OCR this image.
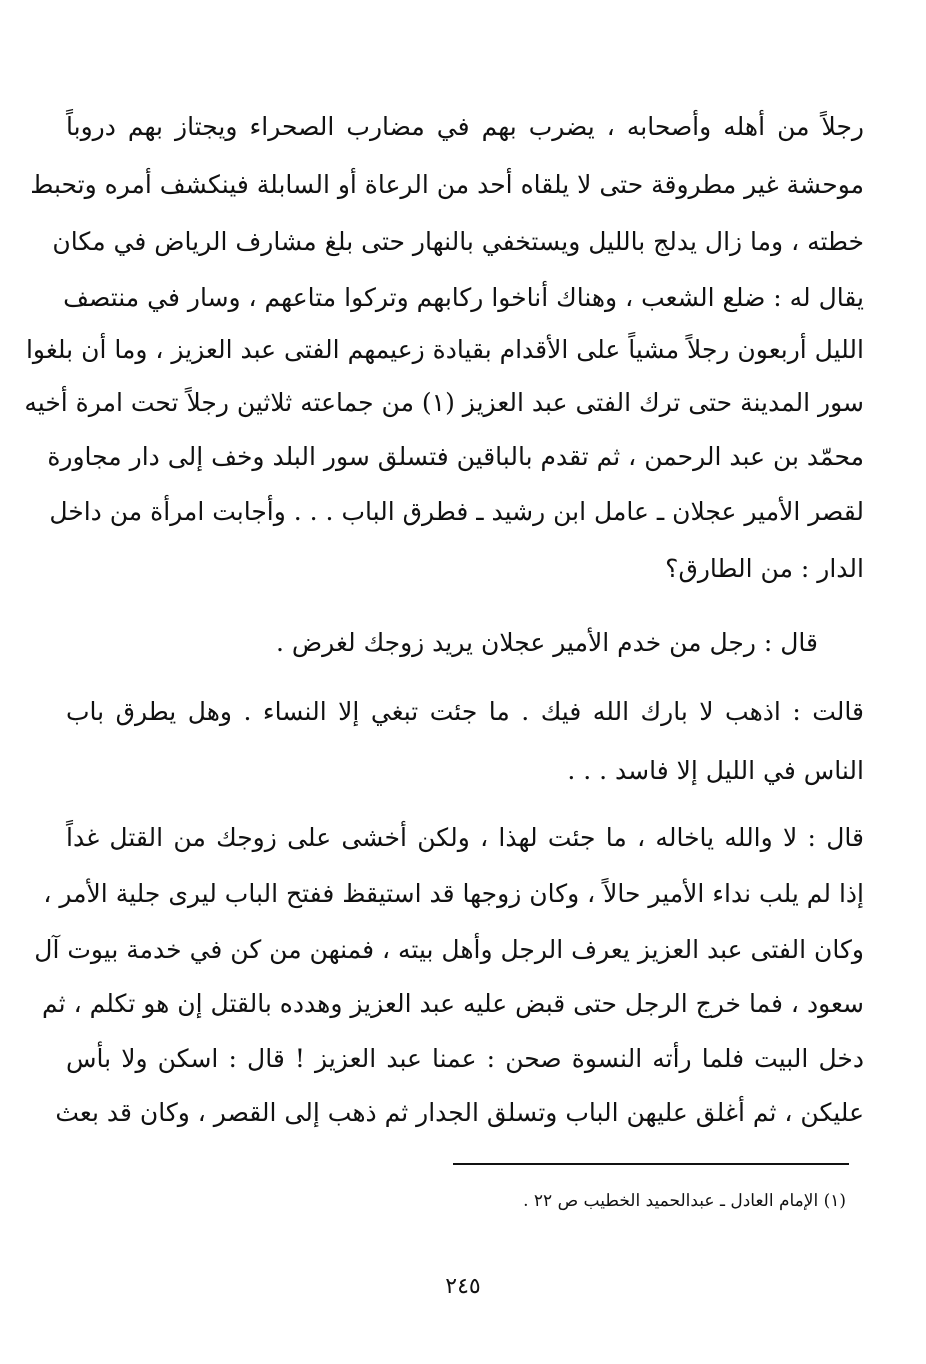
رجلاً من أهله وأصحابه ، يضرب بهم في مضارب الصحراء ويجتاز بهم دروباً
موحشة غير مطروقة حتى لا يلقاه أحد من الرعاة أو السابلة فينكشف أمره وتحبط
خطته ، وما زال يدلج بالليل ويستخفي بالنهار حتى بلغ مشارف الرياض في مكان
يقال له : ضلع الشعب ، وهناك أناخوا ركابهم وتركوا متاعهم ، وسار في منتصف
الليل أربعون رجلاً مشياً على الأقدام بقيادة زعيمهم الفتى عبد العزيز ، وما أن بلغوا
سور المدينة حتى ترك الفتى عبد العزيز (١) من جماعته ثلاثين رجلاً تحت امرة أخيه
محمّد بن عبد الرحمن ، ثم تقدم بالباقين فتسلق سور البلد وخف إلى دار مجاورة
لقصر الأمير عجلان ـ عامل ابن رشيد ـ فطرق الباب . . . وأجابت امرأة من داخل
الدار : من الطارق؟
قال : رجل من خدم الأمير عجلان يريد زوجك لغرض .
قالت : اذهب لا بارك الله فيك . ما جئت تبغي إلا النساء . وهل يطرق باب
الناس في الليل إلا فاسد . . .
قال : لا والله ياخاله ، ما جئت لهذا ، ولكن أخشى على زوجك من القتل غداً
إذا لم يلب نداء الأمير حالاً ، وكان زوجها قد استيقظ ففتح الباب ليرى جلية الأمر ،
وكان الفتى عبد العزيز يعرف الرجل وأهل بيته ، فمنهن من كن في خدمة بيوت آل
سعود ، فما خرج الرجل حتى قبض عليه عبد العزيز وهدده بالقتل إن هو تكلم ، ثم
دخل البيت فلما رأته النسوة صحن : عمنا عبد العزيز ! قال : اسكن ولا بأس
عليكن ، ثم أغلق عليهن الباب وتسلق الجدار ثم ذهب إلى القصر ، وكان قد بعث
(١) الإمام العادل ـ عبدالحميد الخطيب ص ٢٢ .
٢٤٥
